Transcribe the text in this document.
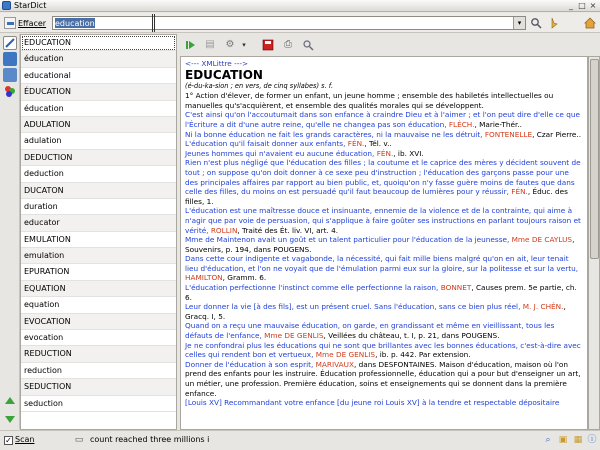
StarDict	_ □ ×
Effacer
education	▾
EDUCATION
éducation
educational
ÉDUCATION
éducation
ADULATION
adulation
DEDUCTION
deduction
DUCATON
duration
educator
EMULATION
emulation
EPURATION
EQUATION
equation
EVOCATION
evocation
REDUCTION
reduction
SEDUCTION
seduction
▤ ⚙	▾	⎙
<--- XMLittre --->
EDUCATION
(é-du-ka-sion ; en vers, de cinq syllabes) s. f.
1° Action d'élever, de former un enfant, un jeune homme ; ensemble des habiletés intellectuelles ou manuelles qu's'acquièrent, et ensemble des qualités morales qui se développent.
C'est ainsi qu'on l'accoutumait dans son enfance à craindre Dieu et à l'aimer ; et l'on peut dire d'elle ce que l'Écriture a dit d'une autre reine, qu'elle ne changea pas son éducation, FLÉCH., Marie-Thér..
Ni la bonne éducation ne fait les grands caractères, ni la mauvaise ne les détruit, FONTENELLE, Czar Pierre..
L'éducation qu'il faisait donner aux enfants, FÉN., Tél. v..
Jeunes hommes qui n'avaient eu aucune éducation, FÉN., ib. XVI.
Rien n'est plus négligé que l'éducation des filles ; la coutume et le caprice des mères y décident souvent de tout ; on suppose qu'on doit donner à ce sexe peu d'instruction ; l'éducation des garçons passe pour une des principales affaires par rapport au bien public, et, quoiqu'on n'y fasse guère moins de fautes que dans celle des filles, du moins on est persuadé qu'il faut beaucoup de lumières pour y réussir, FÉN., Éduc. des filles, 1.
L'éducation est une maîtresse douce et insinuante, ennemie de la violence et de la contrainte, qui aime à n'agir que par voie de persuasion, qui s'applique à faire goûter ses instructions en parlant toujours raison et vérité, ROLLIN, Traité des Ét. liv. VI, art. 4.
Mme de Maintenon avait un goût et un talent particulier pour l'éducation de la jeunesse, Mme DE CAYLUS, Souvenirs, p. 194, dans POUGENS.
Dans cette cour indigente et vagabonde, la nécessité, qui fait mille biens malgré qu'on en ait, leur tenait lieu d'éducation, et l'on ne voyait que de l'émulation parmi eux sur la gloire, sur la politesse et sur la vertu, HAMILTON, Gramm. 6.
L'éducation perfectionne l'instinct comme elle perfectionne la raison, BONNET, Causes prem. 5e partie, ch. 6.
Leur donner la vie [à des fils], est un présent cruel. Sans l'éducation, sans ce bien plus réel, M. J. CHÉN., Gracq. I, 5.
Quand on a reçu une mauvaise éducation, on garde, en grandissant et même en vieillissant, tous les défauts de l'enfance, Mme DE GENLIS, Veillées du château, t. I, p. 21, dans POUGENS.
Je ne confondrai plus les éducations qui ne sont que brillantes avec les bonnes éducations, c'est-à-dire avec celles qui rendent bon et vertueux, Mme DE GENLIS, ib. p. 442. Par extension.
Donner de l'éducation à son esprit, MARIVAUX, dans DESFONTAINES. Maison d'éducation, maison où l'on prend des enfants pour les instruire. Éducation professionnelle, éducation qui a pour but d'enseigner un art, un métier, une profession. Première éducation, soins et enseignements qui se donnent dans la première enfance.
[Louis XV] Recommandant votre enfance [du jeune roi Louis XV] à la tendre et respectable dépositaire
✓ Scan	▭ count reached three millions i	⌕ ▣ ▦ ⓘ
